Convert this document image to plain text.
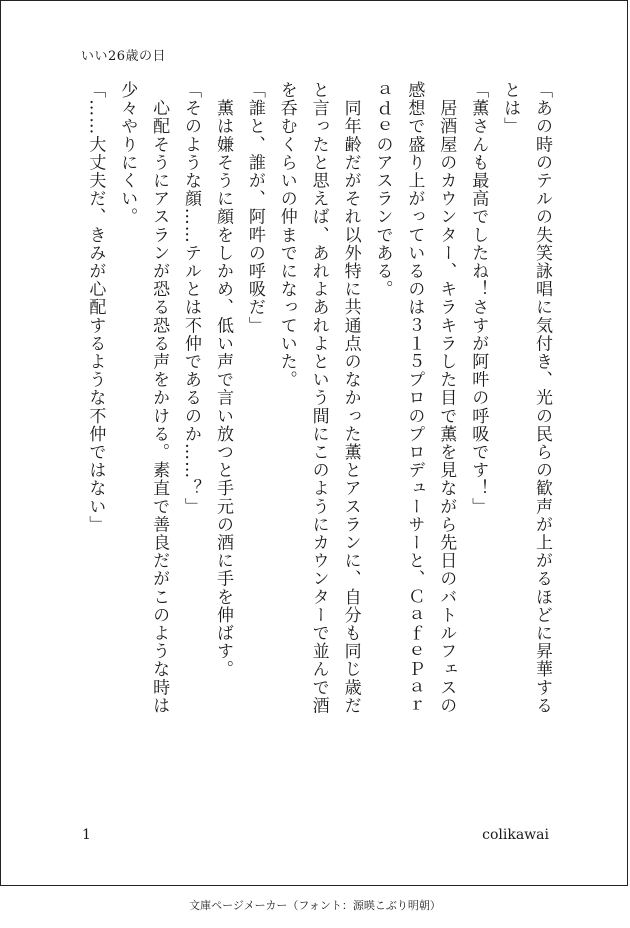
いい26歳の日

「あの時のテルの失笑詠唱に気付き、光の民らの歓声が上がるほどに昇華するとは」

「薫さんも最高でしたね！さすが阿吽の呼吸です！」

　居酒屋のカウンター、キラキラした目で薫を見ながら先日のバトルフェスの感想で盛り上がっているのは３１５プロのプロデューサーと、ＣａｆｅＰａｒａｄｅのアスランである。

　同年齢だがそれ以外特に共通点のなかった薫とアスランに、自分も同じ歳だと言ったと思えば、あれよあれよという間にこのようにカウンターで並んで酒を呑むくらいの仲までになっていた。

「誰と、誰が、阿吽の呼吸だ」

　薫は嫌そうに顔をしかめ、低い声で言い放つと手元の酒に手を伸ばす。

「そのような顔……テルとは不仲であるのか……？」

　心配そうにアスランが恐る恐る声をかける。素直で善良だがこのような時は少々やりにくい。

「……大丈夫だ、きみが心配するような不仲ではない」

1	colikawai
文庫ページメーカー（フォント：源暎こぶり明朝）
